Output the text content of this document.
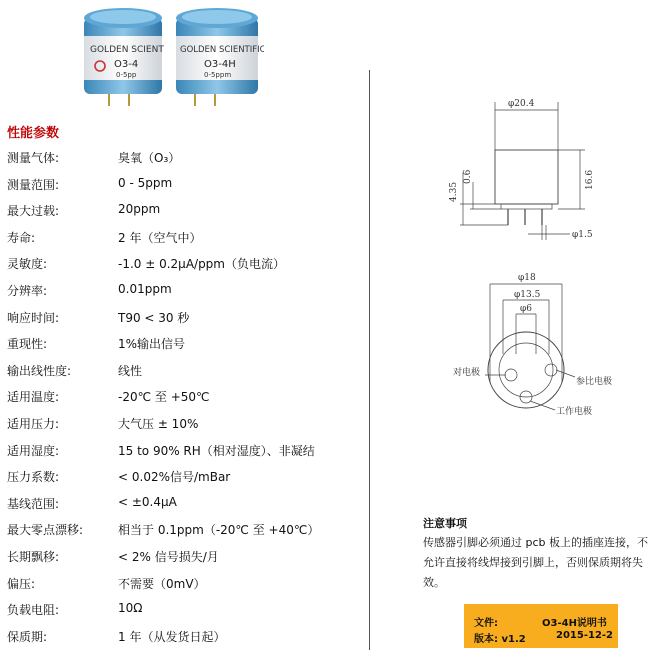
GOLDEN SCIENT
O3-4
0-5pp
GOLDEN SCIENTIFIC
O3-4H
0-5ppm
性能参数
测量气体:	臭氧（O₃）
测量范围:	0 - 5ppm
最大过载:	20ppm
寿命:	2 年（空气中）
灵敏度:	-1.0 ± 0.2μA/ppm（负电流）
分辨率:	0.01ppm
响应时间:	T90 < 30 秒
重现性:	1%输出信号
输出线性度:	线性
适用温度:	-20℃ 至 +50℃
适用压力:	大气压 ± 10%
适用湿度:	15 to 90% RH（相对湿度）、非凝结
压力系数:	< 0.02%信号/mBar
基线范围:	< ±0.4μA
最大零点漂移:	相当于 0.1ppm（-20℃ 至 +40℃）
长期飘移:	< 2% 信号损失/月
偏压:	不需要（0mV）
负载电阻:	10Ω
保质期:	1 年（从发货日起）
φ20.4
4.35
0.6	16.6
φ1.5
φ18
φ13.5
φ6
对电极
参比电极
工作电极
注意事项
传感器引脚必须通过 pcb 板上的插座连接，不允许直接将线焊接到引脚上，否则保质期将失效。
文件:	O3-4H说明书
版本: v1.2	2015-12-2
